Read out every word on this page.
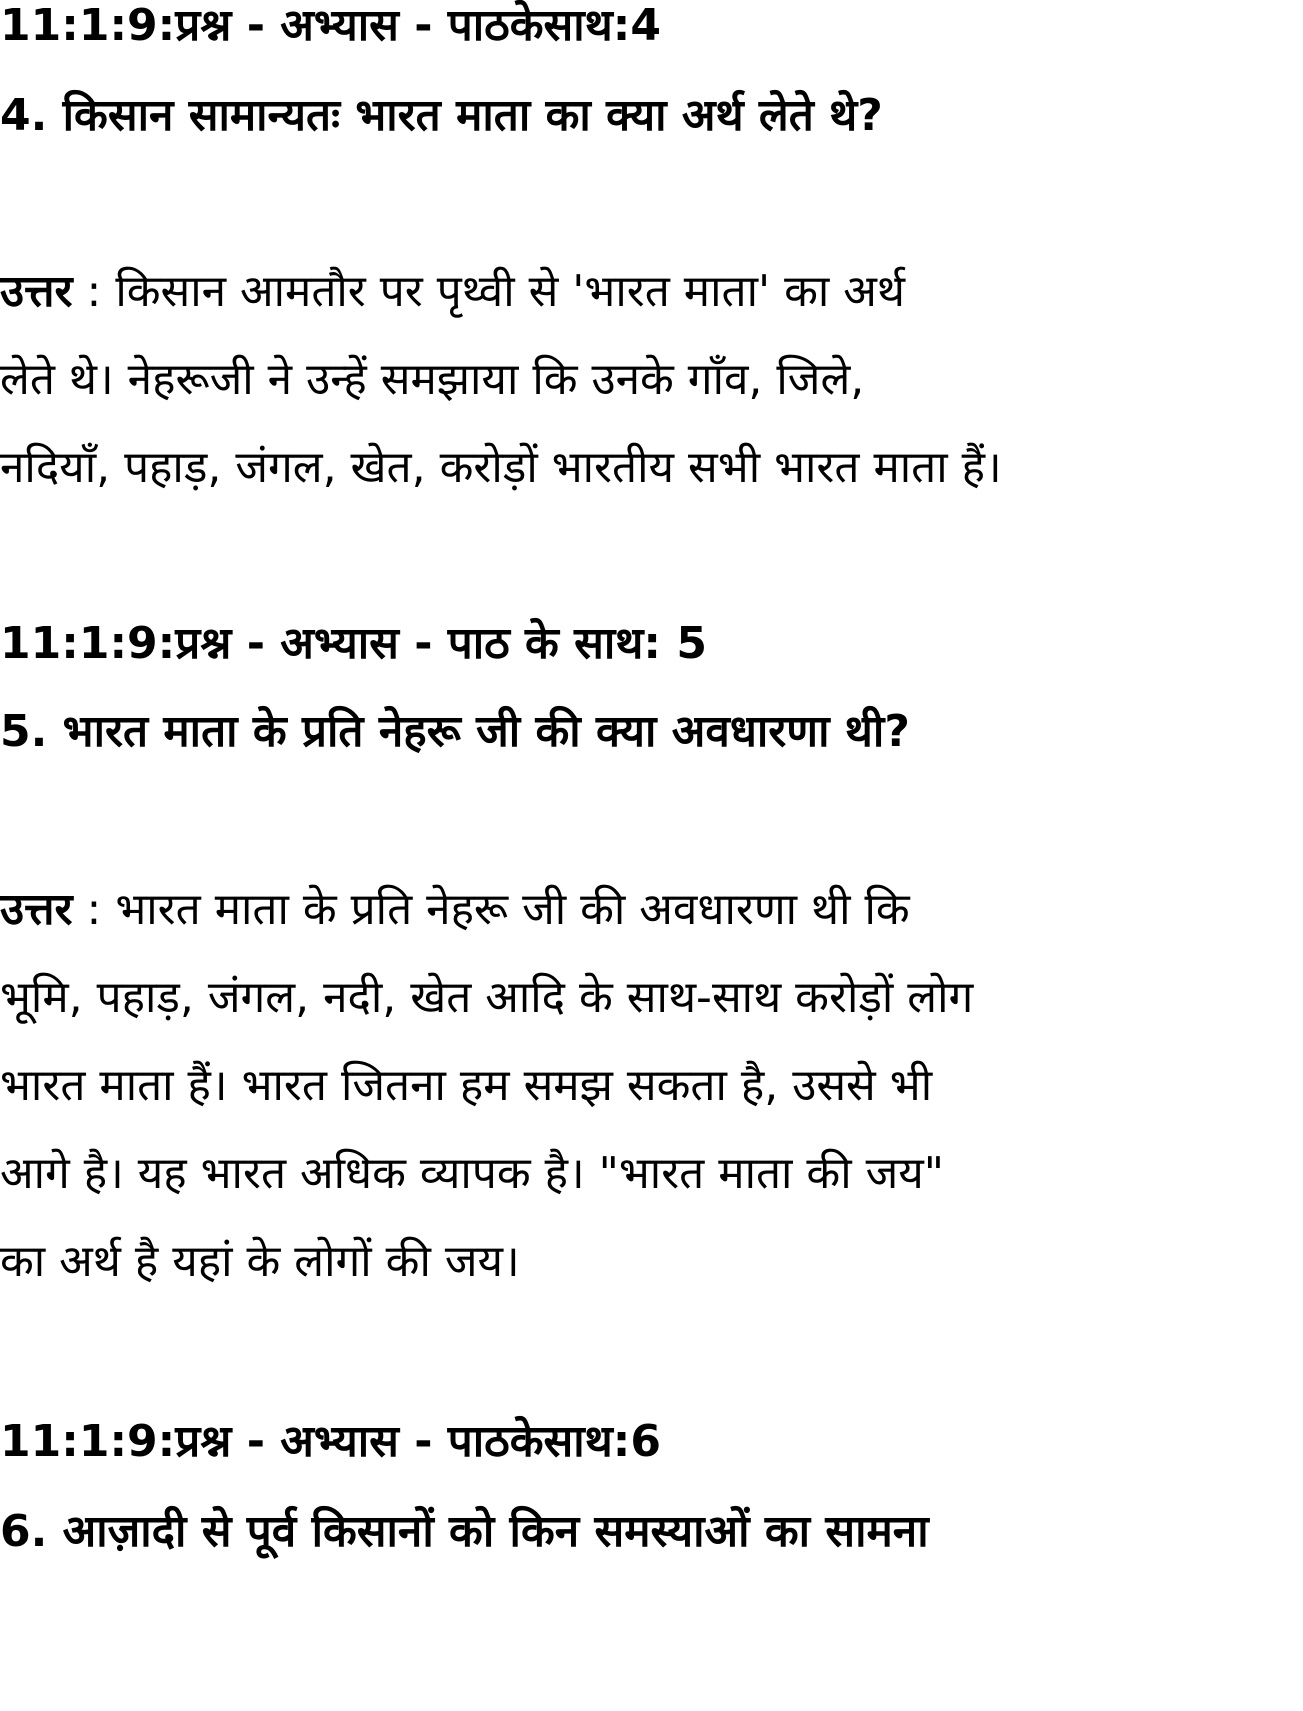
11:1:9:प्रश्न - अभ्यास - पाठकेसाथ:4
4. किसान सामान्यतः भारत माता का क्या अर्थ लेते थे?
उत्तर : किसान आमतौर पर पृथ्वी से 'भारत माता' का अर्थ
लेते थे। नेहरूजी ने उन्हें समझाया कि उनके गाँव, जिले,
नदियाँ, पहाड़, जंगल, खेत, करोड़ों भारतीय सभी भारत माता हैं।
11:1:9:प्रश्न - अभ्यास - पाठ के साथ: 5
5. भारत माता के प्रति नेहरू जी की क्या अवधारणा थी?
उत्तर : भारत माता के प्रति नेहरू जी की अवधारणा थी कि
भूमि, पहाड़, जंगल, नदी, खेत आदि के साथ-साथ करोड़ों लोग
भारत माता हैं। भारत जितना हम समझ सकता है, उससे भी
आगे है। यह भारत अधिक व्यापक है। "भारत माता की जय"
का अर्थ है यहां के लोगों की जय।
11:1:9:प्रश्न - अभ्यास - पाठकेसाथ:6
6. आज़ादी से पूर्व किसानों को किन समस्याओं का सामना
